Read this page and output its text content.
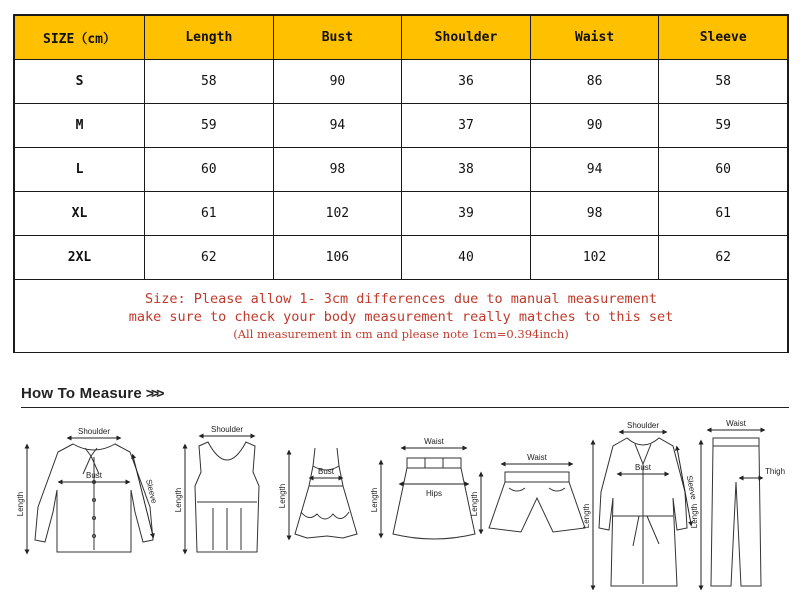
SIZE（cm）	Length	Bust	Shoulder	Waist	Sleeve
S	58	90	36	86	58
M	59	94	37	90	59
L	60	98	38	94	60
XL	61	102	39	98	61
2XL	62	106	40	102	62

Size: Please allow 1- 3cm differences due to manual measurement
make sure to check your body measurement really matches to this set
(All measurement in cm and please note 1cm=0.394inch)					
How To Measure >>>
Shoulder
Bust
Length	Sleeve
Shoulder
Length
Bust
Length
Waist
Hips
Length
Waist
Length
Shoulder
Bust
Length
Sleeve
Waist
Thigh
Length
